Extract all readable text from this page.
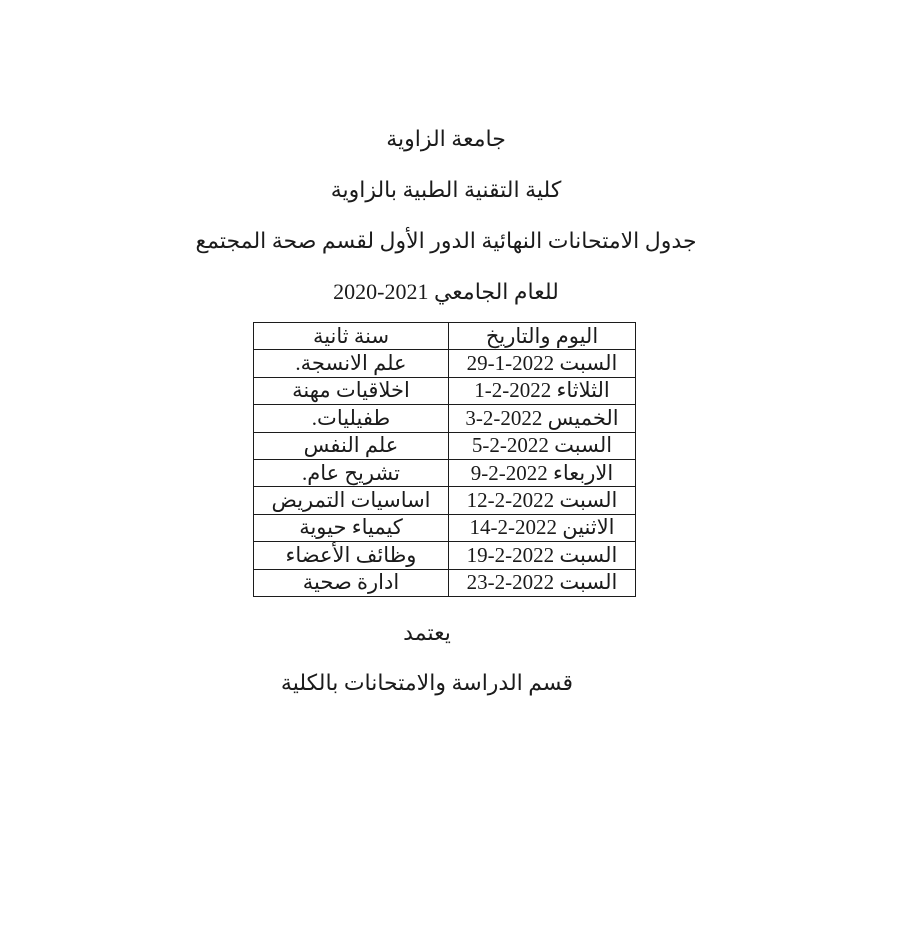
جامعة الزاوية
كلية التقنية الطبية بالزاوية
جدول الامتحانات النهائية الدور الأول لقسم صحة المجتمع
للعام الجامعي 2021-2020
اليوم والتاريخ	سنة ثانية
السبت 2022-1-29	علم الانسجة.
الثلاثاء 2022-2-1	اخلاقيات مهنة
الخميس 2022-2-3	طفيليات.
السبت 2022-2-5	علم النفس
الاربعاء 2022-2-9	تشريح عام.
السبت 2022-2-12	اساسيات التمريض
الاثنين 2022-2-14	كيمياء حيوية
السبت 2022-2-19	وظائف الأعضاء
السبت 2022-2-23	ادارة صحية
يعتمد
قسم الدراسة والامتحانات بالكلية
